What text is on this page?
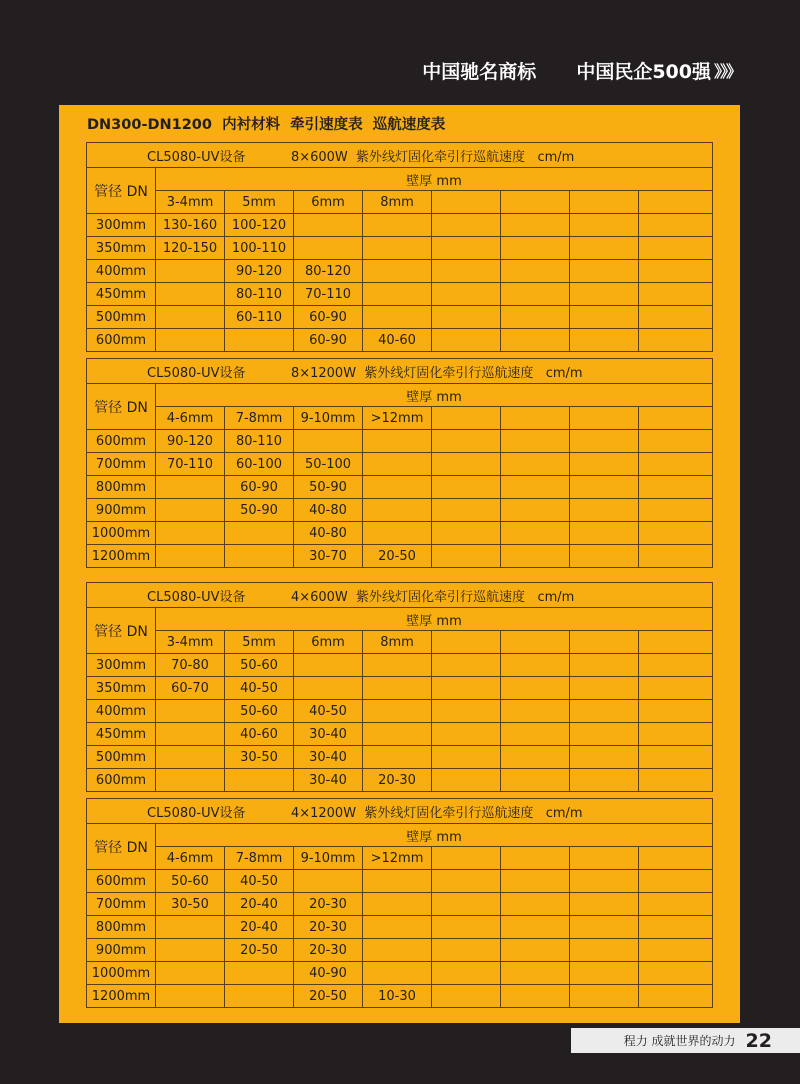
中国驰名商标 中国民企500强 》》》
DN300-DN1200  内衬材料  牵引速度表  巡航速度表
CL5080-UV设备           8×600W  紫外线灯固化牵引行巡航速度   cm/m								
管径 DN	壁厚 mm							
	3-4mm	5mm	6mm	8mm				
300mm	130-160	100-120						
350mm	120-150	100-110						
400mm		90-120	80-120					
450mm		80-110	70-110					
500mm		60-110	60-90					
600mm			60-90	40-60				
CL5080-UV设备           8×1200W  紫外线灯固化牵引行巡航速度   cm/m								
管径 DN	壁厚 mm							
	4-6mm	7-8mm	9-10mm	>12mm				
600mm	90-120	80-110						
700mm	70-110	60-100	50-100					
800mm		60-90	50-90					
900mm		50-90	40-80					
1000mm			40-80					
1200mm			30-70	20-50				
CL5080-UV设备           4×600W  紫外线灯固化牵引行巡航速度   cm/m								
管径 DN	壁厚 mm							
	3-4mm	5mm	6mm	8mm				
300mm	70-80	50-60						
350mm	60-70	40-50						
400mm		50-60	40-50					
450mm		40-60	30-40					
500mm		30-50	30-40					
600mm			30-40	20-30				
CL5080-UV设备           4×1200W  紫外线灯固化牵引行巡航速度   cm/m								
管径 DN	壁厚 mm							
	4-6mm	7-8mm	9-10mm	>12mm				
600mm	50-60	40-50						
700mm	30-50	20-40	20-30					
800mm		20-40	20-30					
900mm		20-50	20-30					
1000mm			40-90					
1200mm			20-50	10-30				
程力 成就世界的动力 22
